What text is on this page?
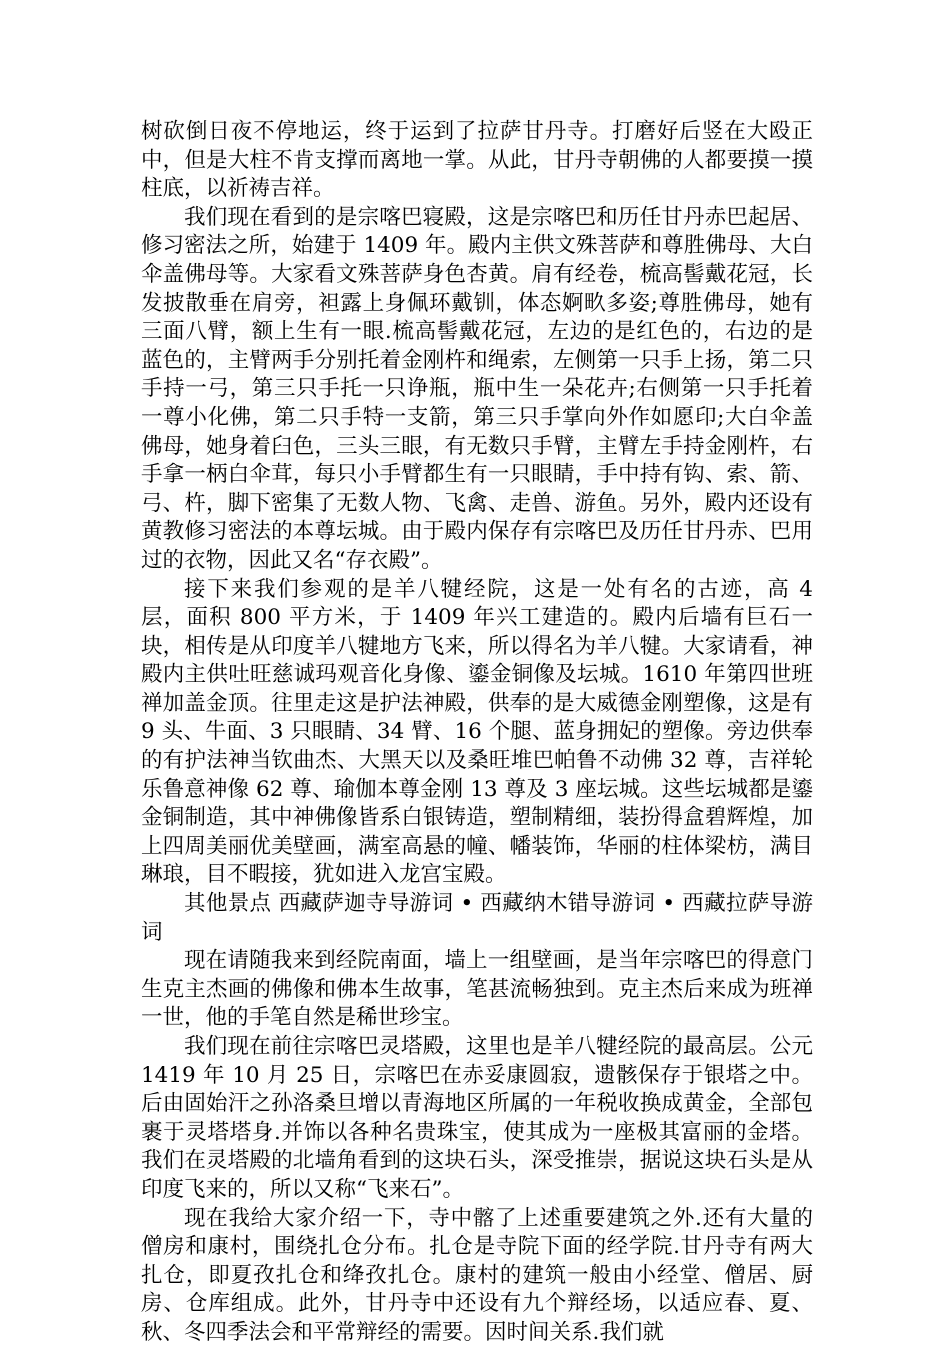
树砍倒日夜不停地运，终于运到了拉萨甘丹寺。打磨好后竖在大殴正中，但是大柱不肯支撑而离地一掌。从此，甘丹寺朝佛的人都要摸一摸柱底，以祈祷吉祥。

我们现在看到的是宗喀巴寝殿，这是宗喀巴和历任甘丹赤巴起居、修习密法之所，始建于 1409 年。殿内主供文殊菩萨和尊胜佛母、大白伞盖佛母等。大家看文殊菩萨身色杏黄。肩有经卷，梳高髻戴花冠，长发披散垂在肩旁，袒露上身佩环戴钏，体态婀畂多姿;尊胜佛母，她有三面八臂，额上生有一眼.梳高髻戴花冠，左边的是红色的，右边的是蓝色的，主臂两手分别托着金刚杵和绳索，左侧第一只手上扬，第二只手持一弓，第三只手托一只诤瓶，瓶中生一朵花卉;右侧第一只手托着一尊小化佛，第二只手特一支箭，第三只手掌向外作如愿印;大白伞盖佛母，她身着臼色，三头三眼，有无数只手臂，主臂左手持金刚杵，右手拿一柄白伞茸，每只小手臂都生有一只眼睛，手中持有钩、索、箭、弓、杵，脚下密集了无数人物、飞禽、走兽、游鱼。另外，殿内还设有黄教修习密法的本尊坛城。由于殿内保存有宗喀巴及历任甘丹赤、巴用过的衣物，因此又名“存衣殿”。

接下来我们参观的是羊八犍经院，这是一处有名的古迹，高 4 层，面积 800 平方米，于 1409 年兴工建造的。殿内后墙有巨石一块，相传是从印度羊八犍地方飞来，所以得名为羊八犍。大家请看，神殿内主供吐旺慈诚玛观音化身像、鎏金铜像及坛城。1610 年第四世班禅加盖金顶。往里走这是护法神殿，供奉的是大威德金刚塑像，这是有 9 头、牛面、3 只眼睛、34 臂、16 个腿、蓝身拥妃的塑像。旁边供奉的有护法神当钦曲杰、大黑天以及桑旺堆巴帕鲁不动佛 32 尊，吉祥轮乐鲁意神像 62 尊、瑜伽本尊金刚 13 尊及 3 座坛城。这些坛城都是鎏金铜制造，其中神佛像皆系白银铸造，塑制精细，装扮得盒碧辉煌，加上四周美丽优美壁画，满室高悬的幢、幡装饰，华丽的柱体梁枋，满目琳琅，目不暇接，犹如进入龙宫宝殿。

其他景点 西藏萨迦寺导游词 • 西藏纳木错导游词 • 西藏拉萨导游词

现在请随我来到经院南面，墙上一组壁画，是当年宗喀巴的得意门生克主杰画的佛像和佛本生故事，笔甚流畅独到。克主杰后来成为班禅一世，他的手笔自然是稀世珍宝。

我们现在前往宗喀巴灵塔殿，这里也是羊八犍经院的最高层。公元 1419 年 10 月 25 日，宗喀巴在赤妥康圆寂，遗骸保存于银塔之中。后由固始汗之孙洛桑旦增以青海地区所属的一年税收换成黄金，全部包裹于灵塔塔身.并饰以各种名贵珠宝，使其成为一座极其富丽的金塔。我们在灵塔殿的北墙角看到的这块石头，深受推崇，据说这块石头是从印度飞来的，所以又称“飞来石”。

现在我给大家介绍一下，寺中髂了上述重要建筑之外.还有大量的僧房和康村，围绕扎仓分布。扎仓是寺院下面的经学院.甘丹寺有两大扎仓，即夏孜扎仓和绛孜扎仓。康村的建筑一般由小经堂、僧居、厨房、仓库组成。此外，甘丹寺中还设有九个辩经场，以适应春、夏、秋、冬四季法会和平常辩经的需要。因时间关系.我们就
